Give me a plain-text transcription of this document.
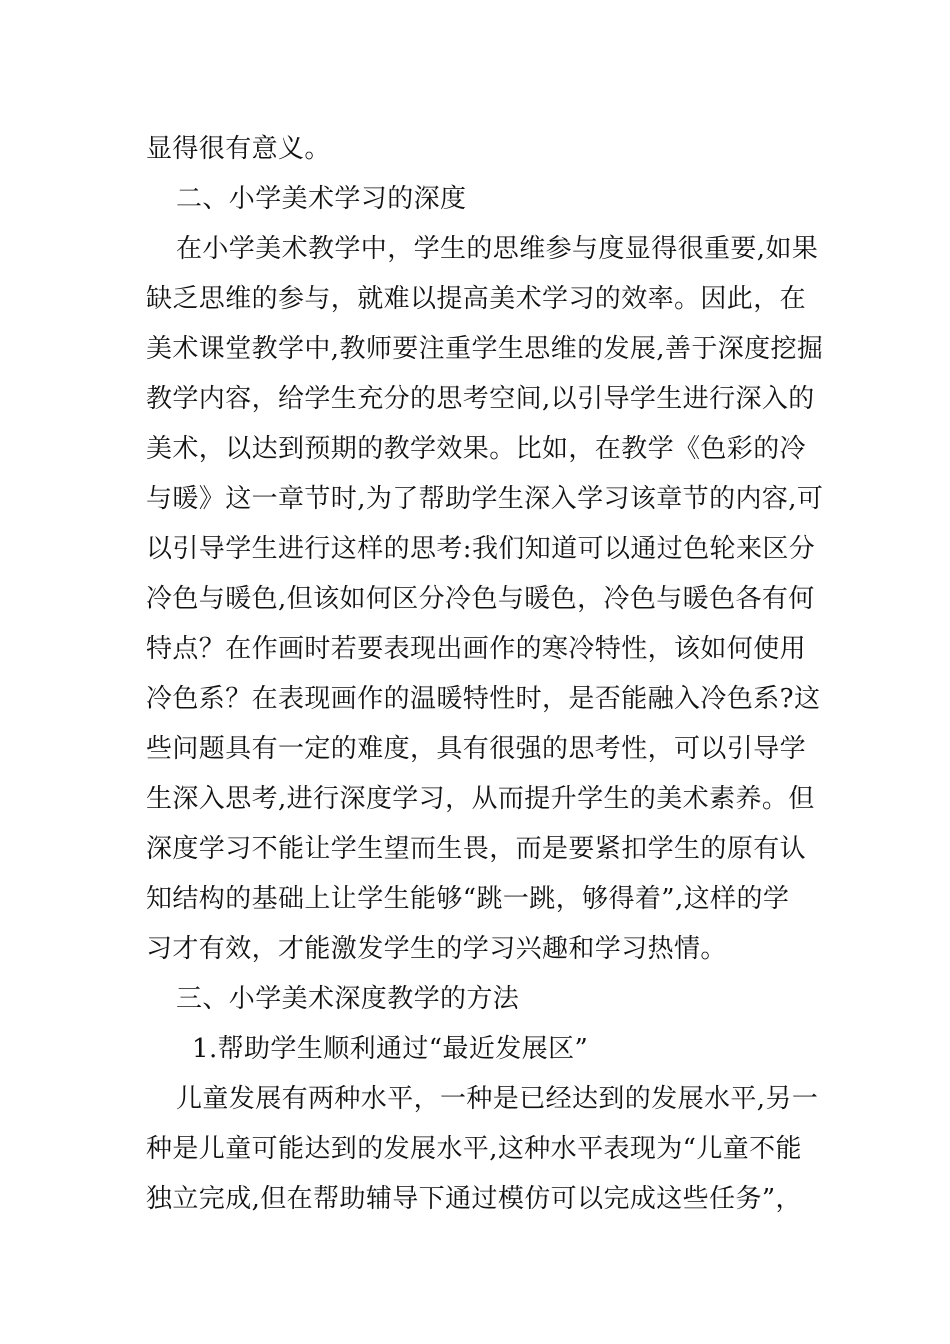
显得很有意义。
二、小学美术学习的深度
在小学美术教学中，学生的思维参与度显得很重要,如果
缺乏思维的参与，就难以提高美术学习的效率。因此，在
美术课堂教学中,教师要注重学生思维的发展,善于深度挖掘
教学内容，给学生充分的思考空间,以引导学生进行深入的
美术，以达到预期的教学效果。比如，在教学《色彩的冷
与暖》这一章节时,为了帮助学生深入学习该章节的内容,可
以引导学生进行这样的思考:我们知道可以通过色轮来区分
冷色与暖色,但该如何区分冷色与暖色，冷色与暖色各有何
特点？在作画时若要表现出画作的寒冷特性，该如何使用
冷色系？在表现画作的温暖特性时，是否能融入冷色系?这
些问题具有一定的难度，具有很强的思考性，可以引导学
生深入思考,进行深度学习，从而提升学生的美术素养。但
深度学习不能让学生望而生畏，而是要紧扣学生的原有认
知结构的基础上让学生能够“跳一跳，够得着”,这样的学
习才有效，才能激发学生的学习兴趣和学习热情。
三、小学美术深度教学的方法
1.帮助学生顺利通过“最近发展区”
儿童发展有两种水平，一种是已经达到的发展水平,另一
种是儿童可能达到的发展水平,这种水平表现为“儿童不能
独立完成,但在帮助辅导下通过模仿可以完成这些任务”，
